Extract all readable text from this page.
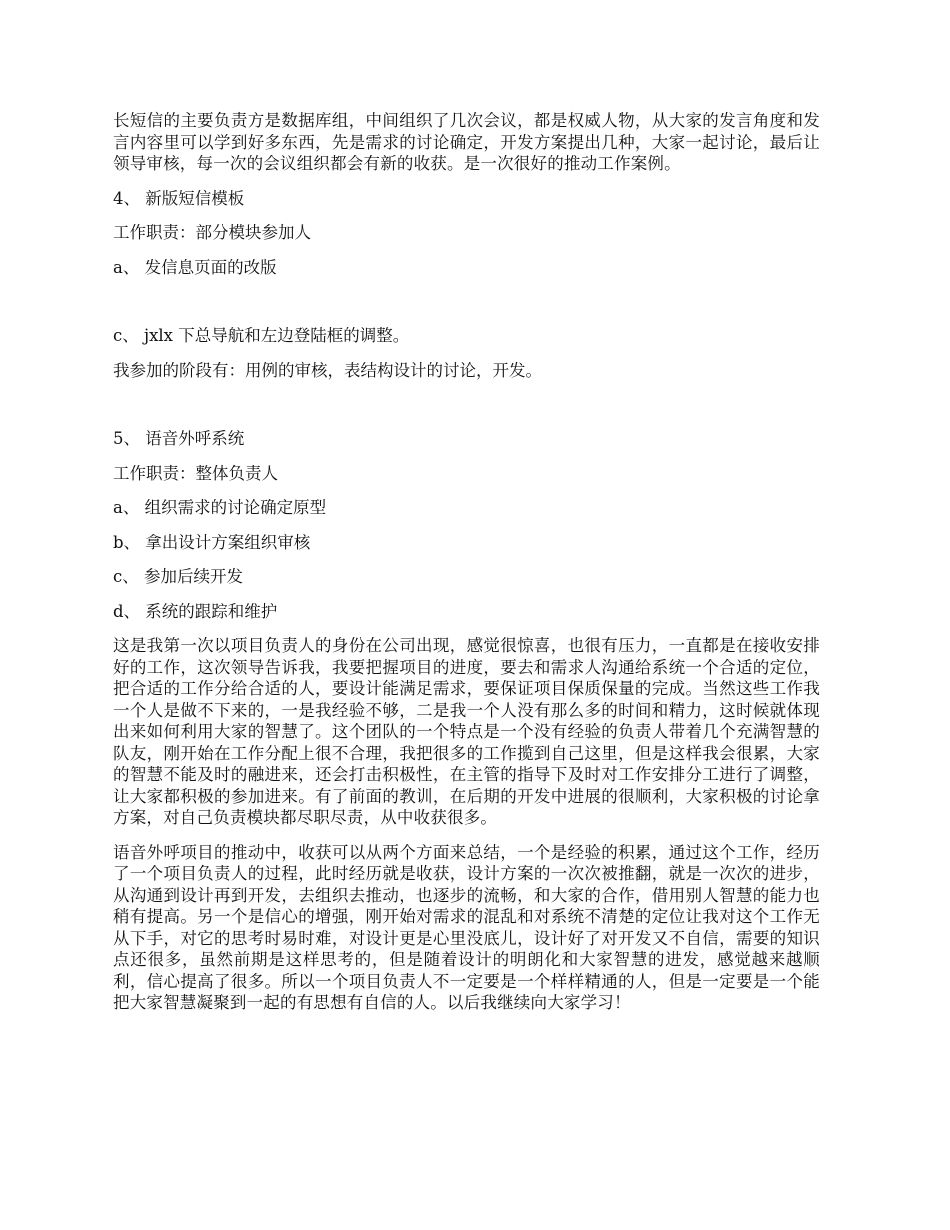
长短信的主要负责方是数据库组，中间组织了几次会议，都是权威人物，从大家的发言角度和发言内容里可以学到好多东西，先是需求的讨论确定，开发方案提出几种，大家一起讨论，最后让领导审核，每一次的会议组织都会有新的收获。是一次很好的推动工作案例。

4、 新版短信模板

工作职责：部分模块参加人

a、 发信息页面的改版

c、 jxlx 下总导航和左边登陆框的调整。

我参加的阶段有：用例的审核，表结构设计的讨论，开发。

5、 语音外呼系统

工作职责：整体负责人

a、 组织需求的讨论确定原型

b、 拿出设计方案组织审核

c、 参加后续开发

d、 系统的跟踪和维护

这是我第一次以项目负责人的身份在公司出现，感觉很惊喜，也很有压力，一直都是在接收安排好的工作，这次领导告诉我，我要把握项目的进度，要去和需求人沟通给系统一个合适的定位，把合适的工作分给合适的人，要设计能满足需求，要保证项目保质保量的完成。当然这些工作我一个人是做不下来的，一是我经验不够，二是我一个人没有那么多的时间和精力，这时候就体现出来如何利用大家的智慧了。这个团队的一个特点是一个没有经验的负责人带着几个充满智慧的队友，刚开始在工作分配上很不合理，我把很多的工作揽到自己这里，但是这样我会很累，大家的智慧不能及时的融进来，还会打击积极性，在主管的指导下及时对工作安排分工进行了调整，让大家都积极的参加进来。有了前面的教训，在后期的开发中进展的很顺利，大家积极的讨论拿方案，对自己负责模块都尽职尽责，从中收获很多。

语音外呼项目的推动中，收获可以从两个方面来总结，一个是经验的积累，通过这个工作，经历了一个项目负责人的过程，此时经历就是收获，设计方案的一次次被推翻，就是一次次的进步，从沟通到设计再到开发，去组织去推动，也逐步的流畅，和大家的合作，借用别人智慧的能力也稍有提高。另一个是信心的增强，刚开始对需求的混乱和对系统不清楚的定位让我对这个工作无从下手，对它的思考时易时难，对设计更是心里没底儿，设计好了对开发又不自信，需要的知识点还很多，虽然前期是这样思考的，但是随着设计的明朗化和大家智慧的进发，感觉越来越顺利，信心提高了很多。所以一个项目负责人不一定要是一个样样精通的人，但是一定要是一个能把大家智慧凝聚到一起的有思想有自信的人。以后我继续向大家学习！
